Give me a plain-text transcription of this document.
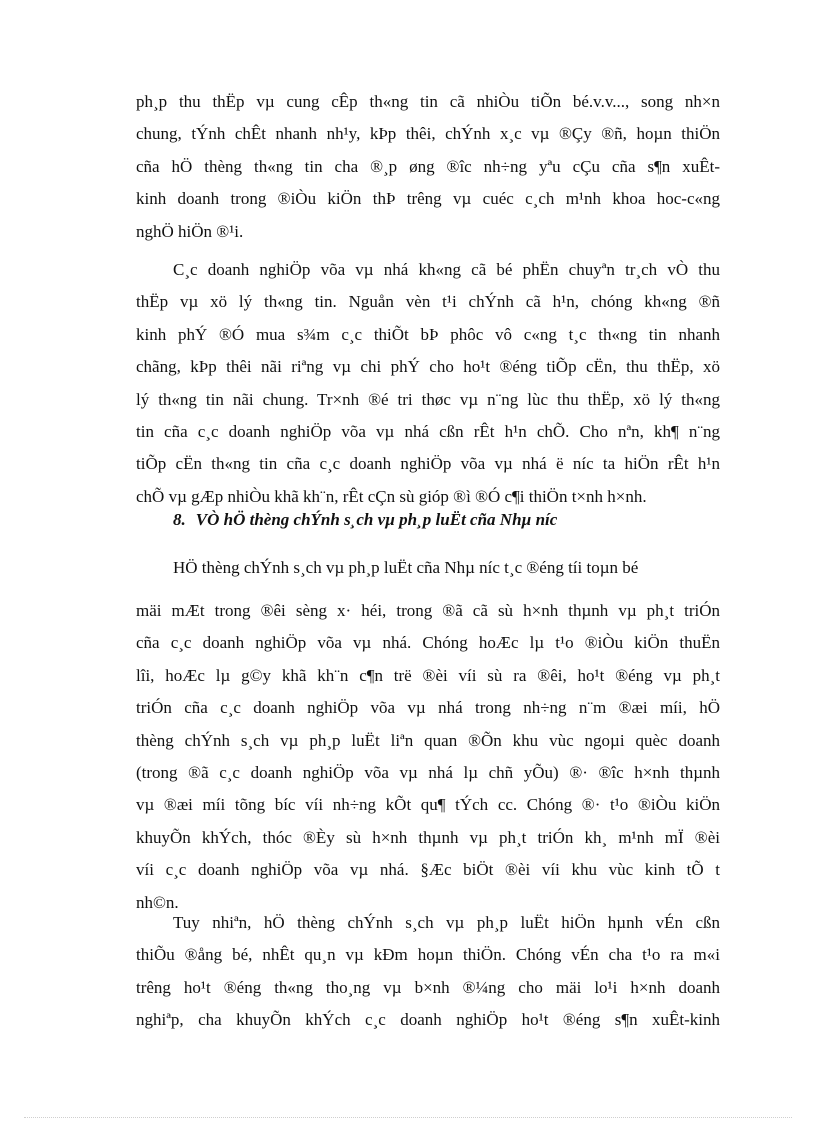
ph¸p thu thËp vµ cung cÊp th«ng tin cã nhiÒu tiÕn bé.v.v..., song nh×n
chung, tÝnh chÊt nhanh nh¹y, kÞp thêi, chÝnh x¸c vµ ®Çy ®ñ, hoµn thiÖn
cña hÖ thèng th«ng tin cha ®¸p øng ®îc nh÷ng yªu cÇu cña s¶n xuÊt-
kinh doanh trong ®iÒu kiÖn thÞ trêng vµ cuéc c¸ch m¹nh khoa hoc-c«ng
nghÖ hiÖn ®¹i.
C¸c doanh nghiÖp võa vµ nhá kh«ng cã bé phËn chuyªn tr¸ch vÒ thu
thËp vµ xö lý th«ng tin. Nguån vèn t¹i chÝnh cã h¹n, chóng kh«ng ®ñ
kinh phÝ ®Ó mua s¾m c¸c thiÕt bÞ phôc vô c«ng t¸c th«ng tin nhanh
chãng, kÞp thêi nãi riªng vµ chi phÝ cho ho¹t ®éng tiÕp cËn, thu thËp, xö
lý th«ng tin nãi chung. Tr×nh ®é tri thøc vµ n¨ng lùc thu thËp, xö lý th«ng
tin cña c¸c doanh nghiÖp võa vµ nhá cßn rÊt h¹n chÕ. Cho nªn, kh¶ n¨ng
tiÕp cËn th«ng tin cña c¸c doanh nghiÖp võa vµ nhá ë níc ta hiÖn rÊt h¹n
chÕ vµ gÆp nhiÒu khã kh¨n, rÊt cÇn sù gióp ®ì ®Ó c¶i thiÖn t×nh h×nh.
8. VÒ hÖ thèng chÝnh s¸ch vµ ph¸p luËt cña Nhµ níc
HÖ thèng chÝnh s¸ch vµ ph¸p luËt cña Nhµ níc t¸c ®éng tíi toµn bé
mäi mÆt trong ®êi sèng x· héi, trong ®ã cã sù h×nh thµnh vµ ph¸t triÓn
cña c¸c doanh nghiÖp võa vµ nhá. Chóng hoÆc lµ t¹o ®iÒu kiÖn thuËn
lîi, hoÆc lµ g©y khã kh¨n c¶n trë ®èi víi sù ra ®êi, ho¹t ®éng vµ ph¸t
triÓn cña c¸c doanh nghiÖp võa vµ nhá trong nh÷ng n¨m ®æi míi, hÖ
thèng chÝnh s¸ch vµ ph¸p luËt liªn quan ®Õn khu vùc ngoµi quèc doanh
(trong ®ã c¸c doanh nghiÖp võa vµ nhá lµ chñ yÕu) ®· ®îc h×nh thµnh
vµ ®æi míi tõng bíc víi nh÷ng kÕt qu¶ tÝch cc. Chóng ®· t¹o ®iÒu kiÖn
khuyÕn khÝch, thóc ®Èy sù h×nh thµnh vµ ph¸t triÓn kh¸ m¹nh mÏ ®èi
víi c¸c doanh nghiÖp võa vµ nhá. §Æc biÖt ®èi víi khu vùc kinh tÕ t
nh©n.
Tuy nhiªn, hÖ thèng chÝnh s¸ch vµ ph¸p luËt hiÖn hµnh vÉn cßn
thiÕu ®ång bé, nhÊt qu¸n vµ kÐm hoµn thiÖn. Chóng vÉn cha t¹o ra m«i
trêng ho¹t ®éng th«ng tho¸ng vµ b×nh ®¼ng cho mäi lo¹i h×nh doanh
nghiªp, cha khuyÕn khÝch c¸c doanh nghiÖp ho¹t ®éng s¶n xuÊt-kinh
